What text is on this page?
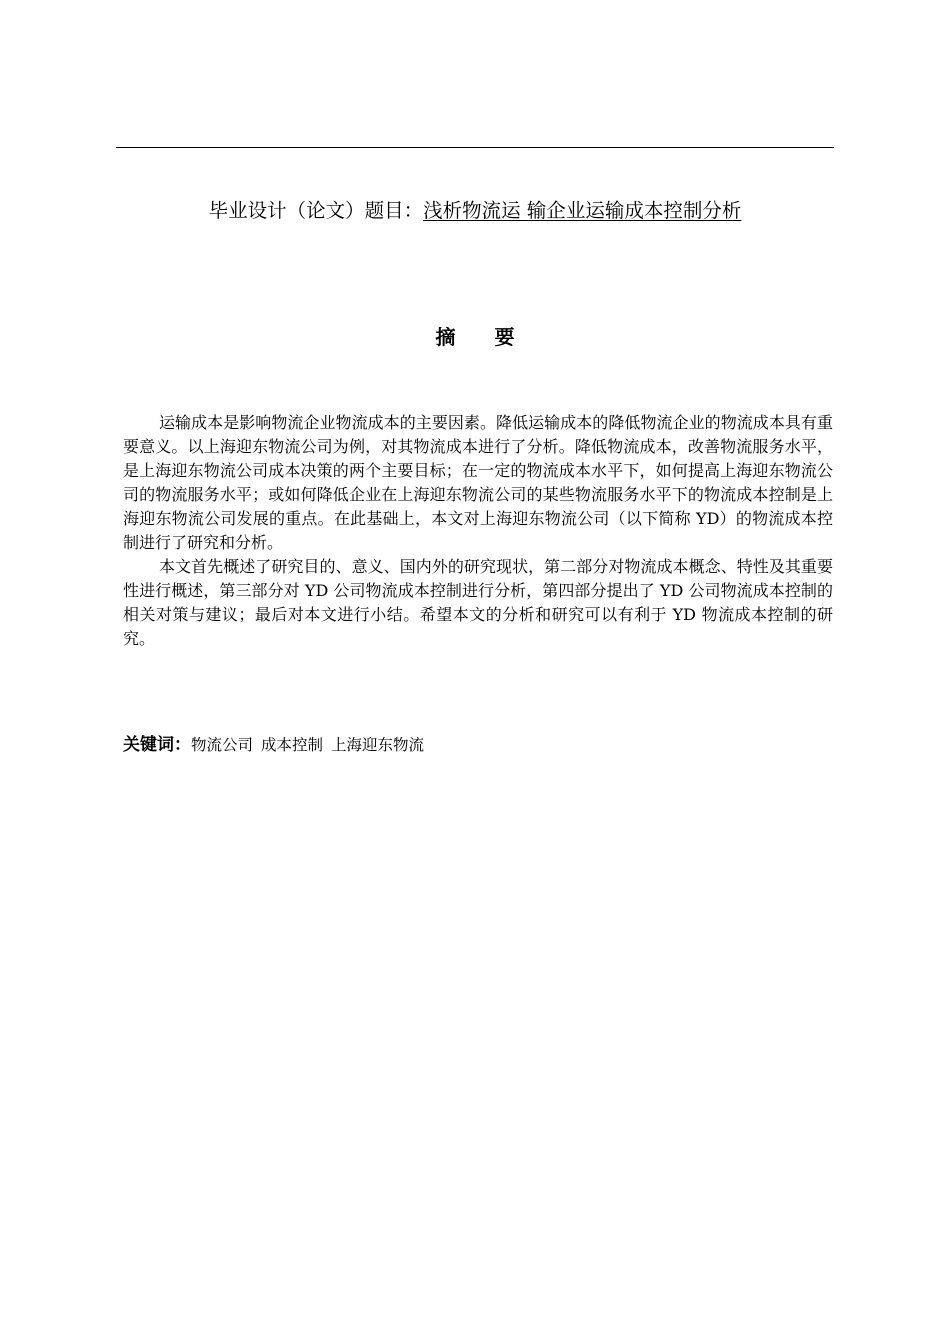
毕业设计（论文）题目：浅析物流运 输企业运输成本控制分析
摘 要

运输成本是影响物流企业物流成本的主要因素。降低运输成本的降低物流企业的物流成本具有重要意义。以上海迎东物流公司为例，对其物流成本进行了分析。降低物流成本，改善物流服务水平，是上海迎东物流公司成本决策的两个主要目标；在一定的物流成本水平下，如何提高上海迎东物流公司的物流服务水平；或如何降低企业在上海迎东物流公司的某些物流服务水平下的物流成本控制是上海迎东物流公司发展的重点。在此基础上，本文对上海迎东物流公司（以下简称 YD）的物流成本控制进行了研究和分析。

本文首先概述了研究目的、意义、国内外的研究现状，第二部分对物流成本概念、特性及其重要性进行概述，第三部分对 YD 公司物流成本控制进行分析，第四部分提出了 YD 公司物流成本控制的相关对策与建议；最后对本文进行小结。希望本文的分析和研究可以有利于 YD 物流成本控制的研究。

关键词：物流公司 成本控制 上海迎东物流
